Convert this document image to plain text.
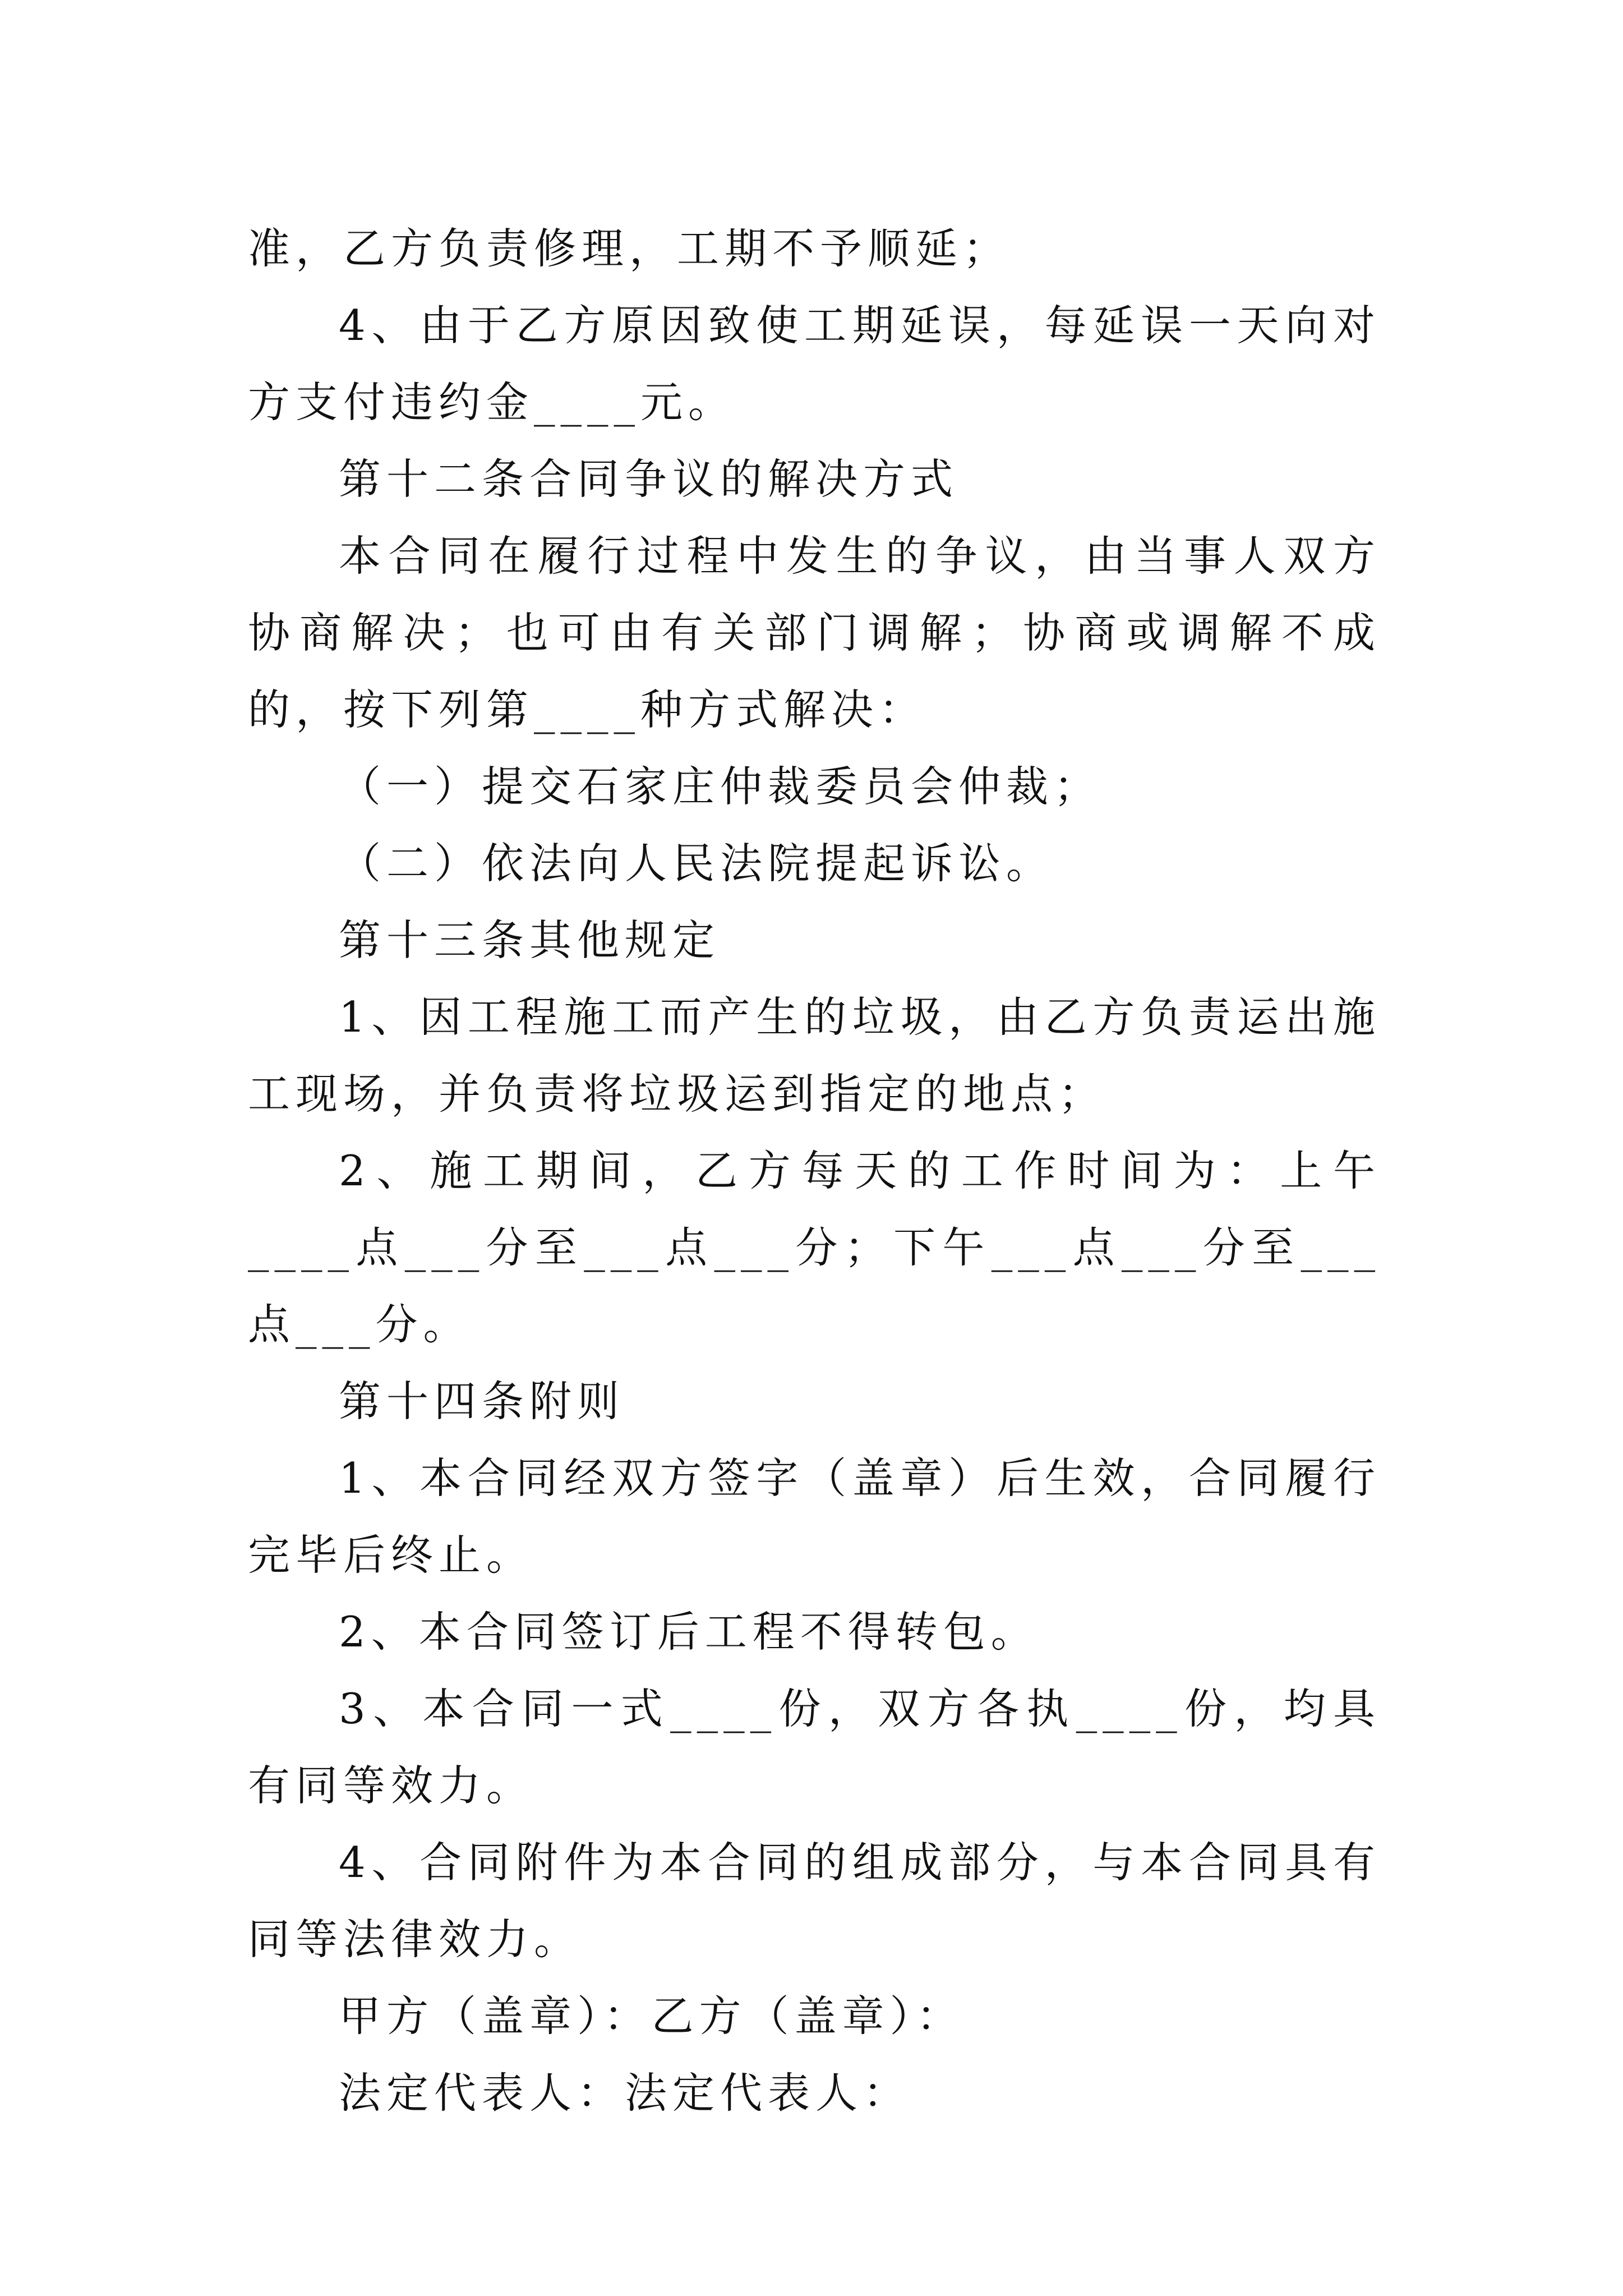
准，乙方负责修理，工期不予顺延；

4、由于乙方原因致使工期延误，每延误一天向对方支付违约金____元。

第十二条合同争议的解决方式

本合同在履行过程中发生的争议，由当事人双方协商解决；也可由有关部门调解；协商或调解不成的，按下列第____种方式解决：

（一）提交石家庄仲裁委员会仲裁；

（二）依法向人民法院提起诉讼。

第十三条其他规定

1、因工程施工而产生的垃圾，由乙方负责运出施工现场，并负责将垃圾运到指定的地点；

2、施工期间，乙方每天的工作时间为：上午____点___分至___点___分；下午___点___分至___点___分。

第十四条附则

1、本合同经双方签字（盖章）后生效，合同履行完毕后终止。

2、本合同签订后工程不得转包。

3、本合同一式____份，双方各执____份，均具有同等效力。

4、合同附件为本合同的组成部分，与本合同具有同等法律效力。

甲方（盖章）：乙方（盖章）：

法定代表人：法定代表人：
